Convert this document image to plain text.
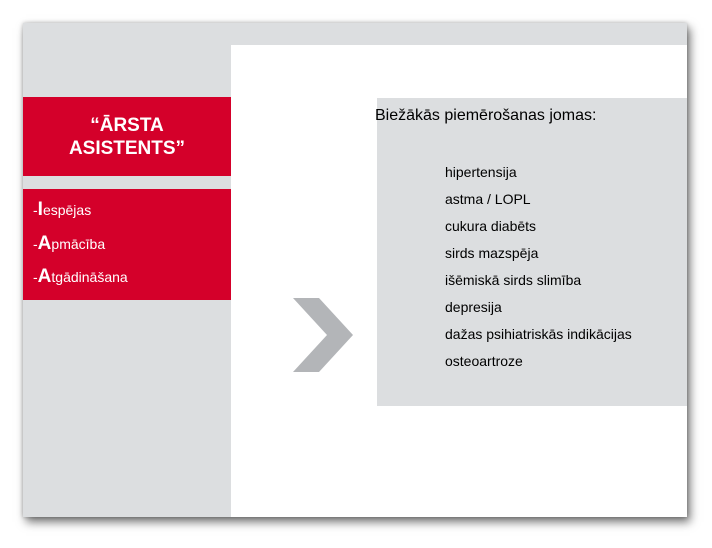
“ĀRSTA
ASISTENTS”
-Iespējas
-Apmācība
-Atgādināšana
Biežākās piemērošanas jomas:
hipertensija
astma / LOPL
cukura diabēts
sirds mazspēja
išēmiskā sirds slimība
depresija
dažas psihiatriskās indikācijas
osteoartroze
